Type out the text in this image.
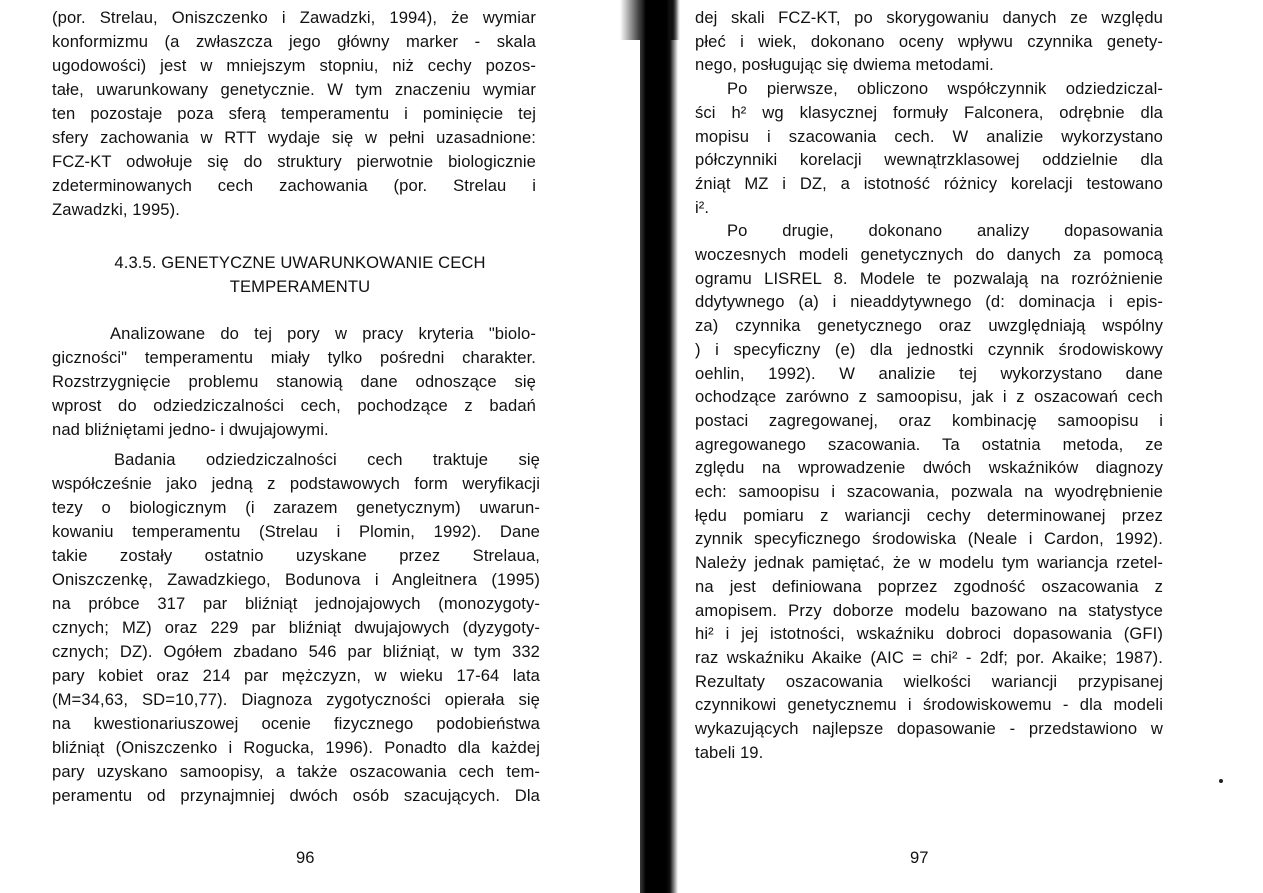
(por. Strelau, Oniszczenko i Zawadzki, 1994), że wymiar
konformizmu (a zwłaszcza jego główny marker - skala
ugodowości) jest w mniejszym stopniu, niż cechy pozos-
tałe, uwarunkowany genetycznie. W tym znaczeniu wymiar
ten pozostaje poza sferą temperamentu i pominięcie tej
sfery zachowania w RTT wydaje się w pełni uzasadnione:
FCZ-KT odwołuje się do struktury pierwotnie biologicznie
zdeterminowanych cech zachowania (por. Strelau i
Zawadzki, 1995).
4.3.5. GENETYCZNE UWARUNKOWANIE CECH
TEMPERAMENTU
Analizowane do tej pory w pracy kryteria "biolo-
giczności" temperamentu miały tylko pośredni charakter.
Rozstrzygnięcie problemu stanowią dane odnoszące się
wprost do odziedziczalności cech, pochodzące z badań
nad bliźniętami jedno- i dwujajowymi.
Badania odziedziczalności cech traktuje się
współcześnie jako jedną z podstawowych form weryfikacji
tezy o biologicznym (i zarazem genetycznym) uwarun-
kowaniu temperamentu (Strelau i Plomin, 1992). Dane
takie zostały ostatnio uzyskane przez Strelaua,
Oniszczenkę, Zawadzkiego, Bodunova i Angleitnera (1995)
na próbce 317 par bliźniąt jednojajowych (monozygoty-
cznych; MZ) oraz 229 par bliźniąt dwujajowych (dyzygoty-
cznych; DZ). Ogółem zbadano 546 par bliźniąt, w tym 332
pary kobiet oraz 214 par mężczyzn, w wieku 17-64 lata
(M=34,63, SD=10,77). Diagnoza zygotyczności opierała się
na kwestionariuszowej ocenie fizycznego podobieństwa
bliźniąt (Oniszczenko i Rogucka, 1996). Ponadto dla każdej
pary uzyskano samoopisy, a także oszacowania cech tem-
peramentu od przynajmniej dwóch osób szacujących. Dla
96
dej skali FCZ-KT, po skorygowaniu danych ze względu
płeć i wiek, dokonano oceny wpływu czynnika genety-
nego, posługując się dwiema metodami.
Po pierwsze, obliczono współczynnik odziedziczal-
ści h² wg klasycznej formuły Falconera, odrębnie dla
mopisu i szacowania cech. W analizie wykorzystano
półczynniki korelacji wewnątrzklasowej oddzielnie dla
źniąt MZ i DZ, a istotność różnicy korelacji testowano
i².
Po drugie, dokonano analizy dopasowania
woczesnych modeli genetycznych do danych za pomocą
ogramu LISREL 8. Modele te pozwalają na rozróżnienie
ddytywnego (a) i nieaddytywnego (d: dominacja i epis-
za) czynnika genetycznego oraz uwzględniają wspólny
) i specyficzny (e) dla jednostki czynnik środowiskowy
oehlin, 1992). W analizie tej wykorzystano dane
ochodzące zarówno z samoopisu, jak i z oszacowań cech
postaci zagregowanej, oraz kombinację samoopisu i
agregowanego szacowania. Ta ostatnia metoda, ze
zględu na wprowadzenie dwóch wskaźników diagnozy
ech: samoopisu i szacowania, pozwala na wyodrębnienie
łędu pomiaru z wariancji cechy determinowanej przez
zynnik specyficznego środowiska (Neale i Cardon, 1992).
Należy jednak pamiętać, że w modelu tym wariancja rzetel-
na jest definiowana poprzez zgodność oszacowania z
amopisem. Przy doborze modelu bazowano na statystyce
hi² i jej istotności, wskaźniku dobroci dopasowania (GFI)
raz wskaźniku Akaike (AIC = chi² - 2df; por. Akaike; 1987).
Rezultaty oszacowania wielkości wariancji przypisanej
czynnikowi genetycznemu i środowiskowemu - dla modeli
wykazujących najlepsze dopasowanie - przedstawiono w
tabeli 19.
97
